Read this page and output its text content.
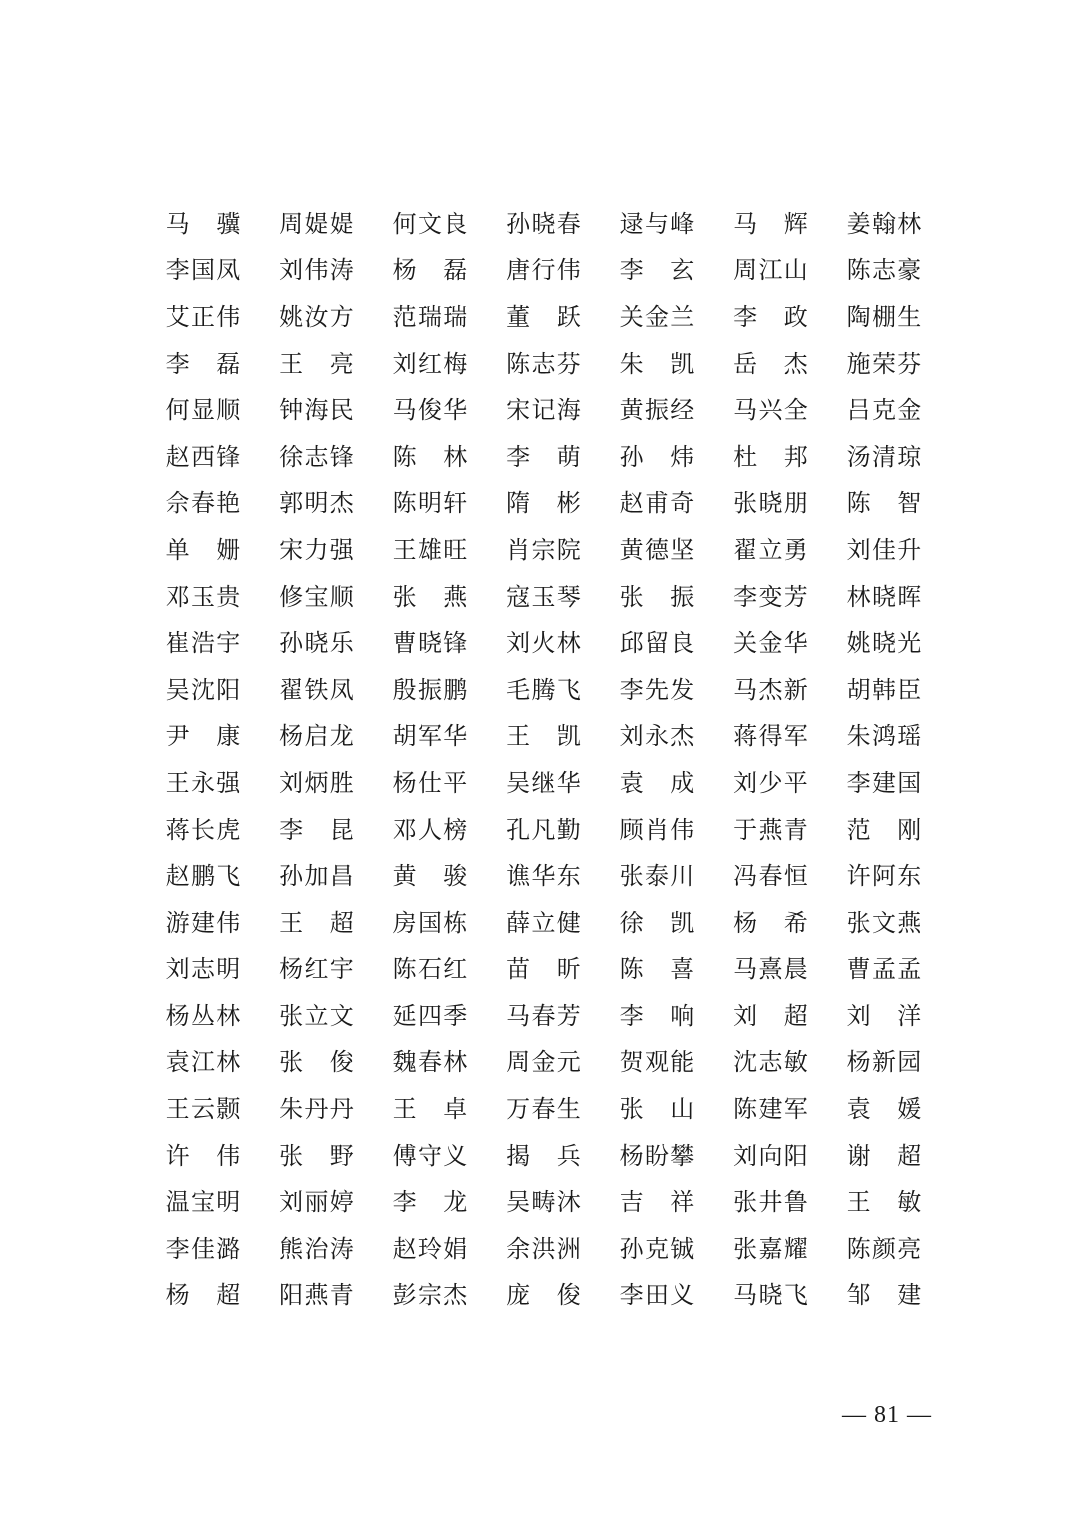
马 骥 周 媞 媞 何 文 良 孙 晓 春 逯 与 峰 马 辉 姜 翰 林
李 国 凤 刘 伟 涛 杨 磊 唐 行 伟 李 玄 周 江 山 陈 志 豪
艾 正 伟 姚 汝 方 范 瑞 瑞 董 跃 关 金 兰 李 政 陶 棚 生
李 磊 王 亮 刘 红 梅 陈 志 芬 朱 凯 岳 杰 施 荣 芬
何 显 顺 钟 海 民 马 俊 华 宋 记 海 黄 振 经 马 兴 全 吕 克 金
赵 西 锋 徐 志 锋 陈 林 李 萌 孙 炜 杜 邦 汤 清 琼
佘 春 艳 郭 明 杰 陈 明 轩 隋 彬 赵 甫 奇 张 晓 朋 陈 智
单 姗 宋 力 强 王 雄 旺 肖 宗 院 黄 德 坚 翟 立 勇 刘 佳 升
邓 玉 贵 修 宝 顺 张 燕 寇 玉 琴 张 振 李 变 芳 林 晓 晖
崔 浩 宇 孙 晓 乐 曹 晓 锋 刘 火 林 邱 留 良 关 金 华 姚 晓 光
吴 沈 阳 翟 铁 凤 殷 振 鹏 毛 腾 飞 李 先 发 马 杰 新 胡 韩 臣
尹 康 杨 启 龙 胡 军 华 王 凯 刘 永 杰 蒋 得 军 朱 鸿 瑶
王 永 强 刘 炳 胜 杨 仕 平 吴 继 华 袁 成 刘 少 平 李 建 国
蒋 长 虎 李 昆 邓 人 榜 孔 凡 勤 顾 肖 伟 于 燕 青 范 刚
赵 鹏 飞 孙 加 昌 黄 骏 谯 华 东 张 泰 川 冯 春 恒 许 阿 东
游 建 伟 王 超 房 国 栋 薛 立 健 徐 凯 杨 希 张 文 燕
刘 志 明 杨 红 宇 陈 石 红 苗 昕 陈 喜 马 熹 晨 曹 孟 孟
杨 丛 林 张 立 文 延 四 季 马 春 芳 李 响 刘 超 刘 洋
袁 江 林 张 俊 魏 春 林 周 金 元 贺 观 能 沈 志 敏 杨 新 园
王 云 颢 朱 丹 丹 王 卓 万 春 生 张 山 陈 建 军 袁 媛
许 伟 张 野 傅 守 义 揭 兵 杨 盼 攀 刘 向 阳 谢 超
温 宝 明 刘 丽 婷 李 龙 吴 畴 沐 吉 祥 张 井 鲁 王 敏
李 佳 潞 熊 治 涛 赵 玲 娟 余 洪 洲 孙 克 铖 张 嘉 耀 陈 颜 亮
杨 超 阳 燕 青 彭 宗 杰 庞 俊 李 田 义 马 晓 飞 邹 建
— 81 —
